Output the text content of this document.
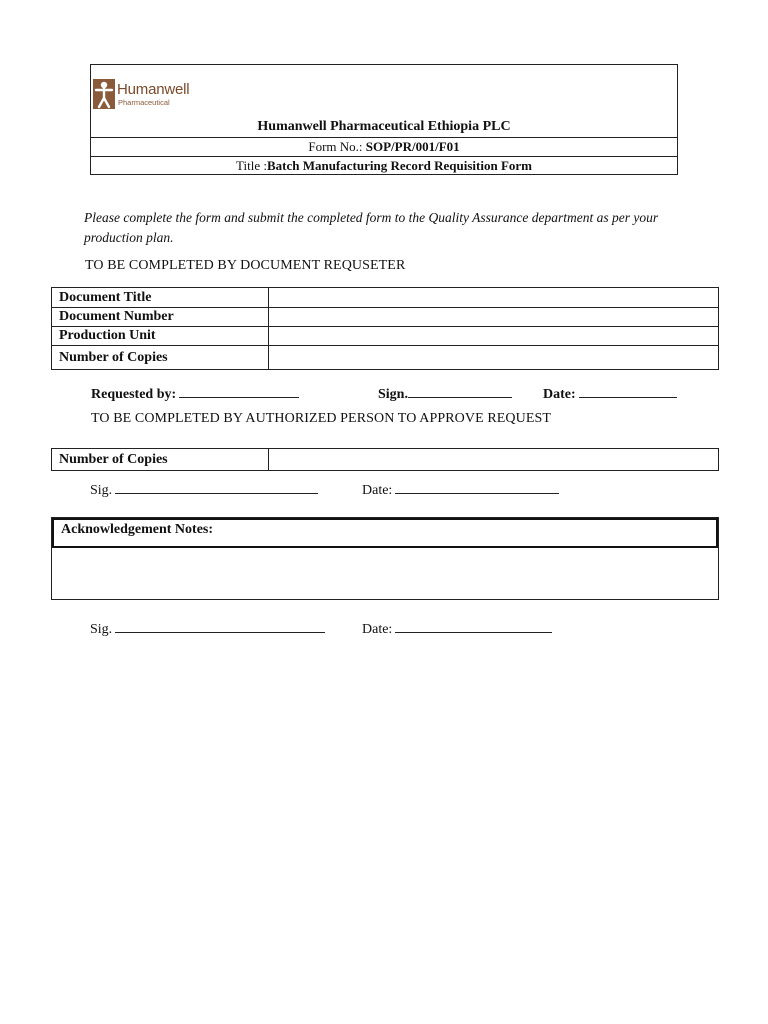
Humanwell
Pharmaceutical
Humanwell Pharmaceutical Ethiopia PLC
Form No.: SOP/PR/001/F01
Title :Batch Manufacturing Record Requisition Form
Please complete the form and submit the completed form to the Quality Assurance department as per your production plan.
TO BE COMPLETED BY DOCUMENT REQUSETER
Document Title	
Document Number	
Production Unit	
Number of Copies	
Requested by:	Sign.	Date:
TO BE COMPLETED BY AUTHORIZED PERSON TO APPROVE REQUEST
Number of Copies	
Sig.	Date:
Acknowledgement Notes:
Sig.	Date:
